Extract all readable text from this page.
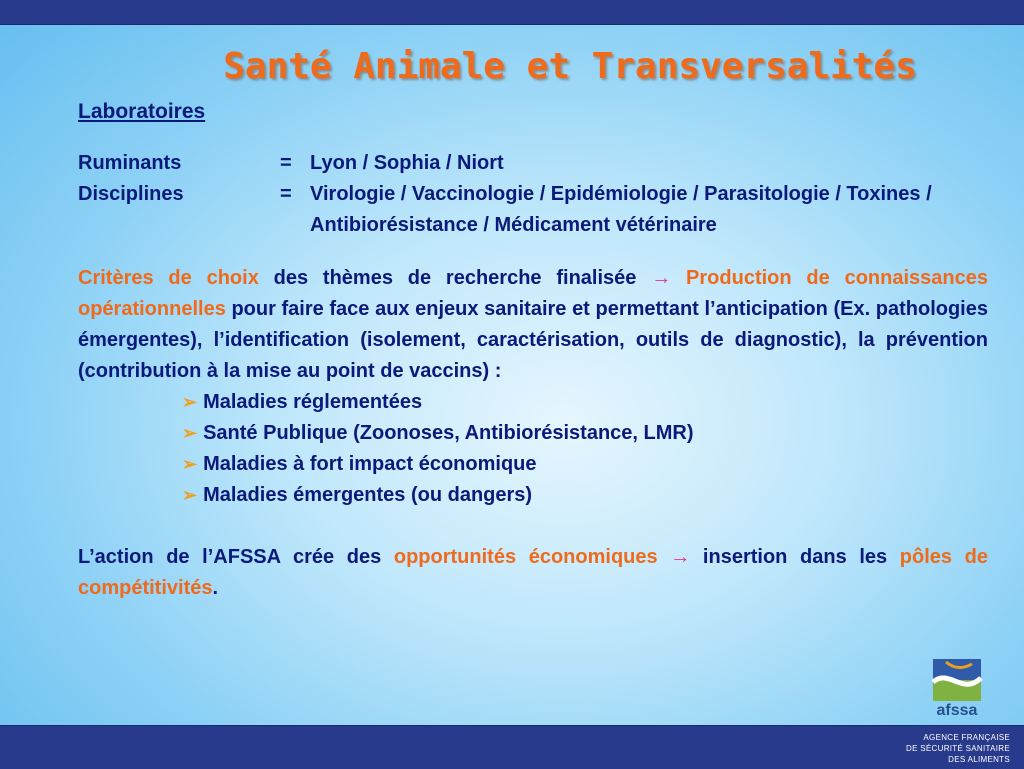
Santé Animale et Transversalités
Laboratoires
Ruminants	= Lyon / Sophia / Niort
Disciplines	= Virologie / Vaccinologie / Epidémiologie / Parasitologie / Toxines / Antibiorésistance / Médicament vétérinaire
Critères de choix des thèmes de recherche finalisée → Production de connaissances opérationnelles pour faire face aux enjeux sanitaire et permettant l’anticipation (Ex. pathologies émergentes), l’identification (isolement, caractérisation, outils de diagnostic), la prévention (contribution à la mise au point de vaccins) :
➢ Maladies réglementées
➢ Santé Publique (Zoonoses, Antibiorésistance, LMR)
➢ Maladies à fort impact économique
➢ Maladies émergentes (ou dangers)
L’action de l’AFSSA crée des opportunités économiques → insertion dans les pôles de compétitivités.
afssa
AGENCE FRANÇAISE
DE SÉCURITÉ SANITAIRE
DES ALIMENTS
